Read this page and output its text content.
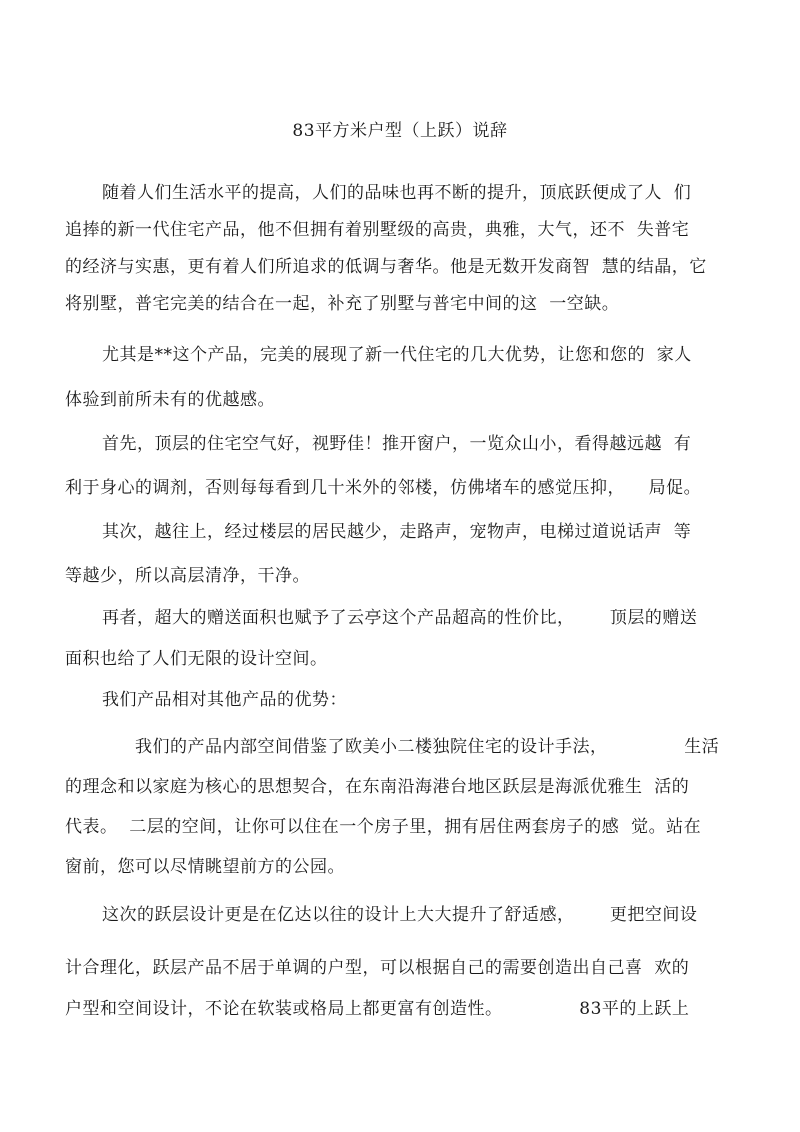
83平方米户型（上跃）说辞
随着人们生活水平的提高，人们的品味也再不断的提升，顶底跃便成了人  们
追捧的新一代住宅产品，他不但拥有着别墅级的高贵，典雅，大气，还不  失普宅
的经济与实惠，更有着人们所追求的低调与奢华。他是无数开发商智  慧的结晶，它
将别墅，普宅完美的结合在一起，补充了别墅与普宅中间的这  一空缺。
尤其是**这个产品，完美的展现了新一代住宅的几大优势，让您和您的  家人
体验到前所未有的优越感。
首先，顶层的住宅空气好，视野佳！推开窗户，一览众山小，看得越远越  有
利于身心的调剂，否则每每看到几十米外的邻楼，仿佛堵车的感觉压抑，    局促。
其次，越往上，经过楼层的居民越少，走路声，宠物声，电梯过道说话声  等
等越少，所以高层清净，干净。
再者，超大的赠送面积也赋予了云亭这个产品超高的性价比，      顶层的赠送
面积也给了人们无限的设计空间。
我们产品相对其他产品的优势：
我们的产品内部空间借鉴了欧美小二楼独院住宅的设计手法，             生活
的理念和以家庭为核心的思想契合，在东南沿海港台地区跃层是海派优雅生  活的
代表。  二层的空间，让你可以住在一个房子里，拥有居住两套房子的感  觉。站在
窗前，您可以尽情眺望前方的公园。
这次的跃层设计更是在亿达以往的设计上大大提升了舒适感，      更把空间设
计合理化，跃层产品不居于单调的户型，可以根据自己的需要创造出自己喜  欢的
户型和空间设计，不论在软装或格局上都更富有创造性。             83平的上跃上
